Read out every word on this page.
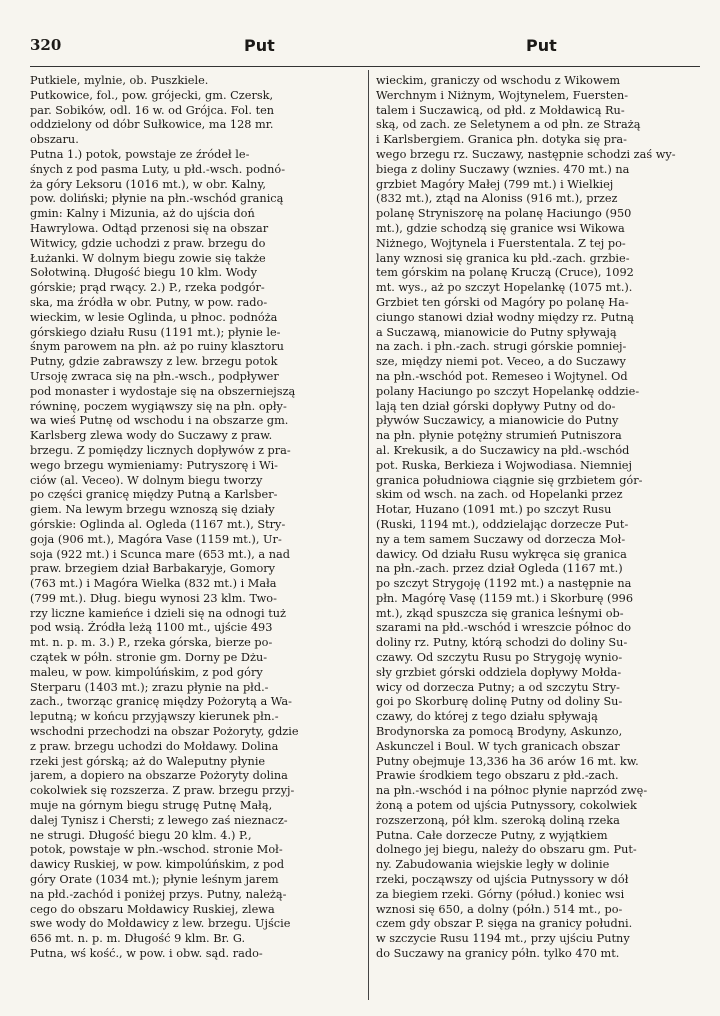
320	Put	Put
Putkiele, mylnie, ob. Puszkiele.
Putkowice, fol., pow. grójecki, gm. Czersk,
par. Sobików, odl. 16 w. od Grójca. Fol. ten
oddzielony od dóbr Sułkowice, ma 128 mr.
obszaru.
Putna 1.) potok, powstaje ze źródeł le-
śnych z pod pasma Luty, u płd.-wsch. podnó-
ża góry Leksoru (1016 mt.), w obr. Kalny,
pow. doliński; płynie na płn.-wschód granicą
gmin: Kalny i Mizunia, aż do ujścia doń
Hawrylowa. Odtąd przenosi się na obszar
Witwicy, gdzie uchodzi z praw. brzegu do
Łużanki. W dolnym biegu zowie się także
Sołotwiną. Długość biegu 10 klm. Wody
górskie; prąd rwący. 2.) P., rzeka podgór-
ska, ma źródła w obr. Putny, w pow. rado-
wieckim, w lesie Oglinda, u płnoc. podnóża
górskiego działu Rusu (1191 mt.); płynie le-
śnym parowem na płn. aż po ruiny klasztoru
Putny, gdzie zabrawszy z lew. brzegu potok
Ursoję zwraca się na płn.-wsch., podpływer
pod monaster i wydostaje się na obszerniejszą
równinę, poczem wygiąwszy się na płn. opły-
wa wieś Putnę od wschodu i na obszarze gm.
Karlsberg zlewa wody do Suczawy z praw.
brzegu. Z pomiędzy licznych dopływów z pra-
wego brzegu wymieniamy: Putryszorę i Wi-
ciów (al. Veceo). W dolnym biegu tworzy
po części granicę między Putną a Karlsber-
giem. Na lewym brzegu wznoszą się działy
górskie: Oglinda al. Ogleda (1167 mt.), Stry-
goja (906 mt.), Magóra Vase (1159 mt.), Ur-
soja (922 mt.) i Scunca mare (653 mt.), a nad
praw. brzegiem dział Barbakaryje, Gomory
(763 mt.) i Magóra Wielka (832 mt.) i Mała
(799 mt.). Dług. biegu wynosi 23 klm. Two-
rzy liczne kamieńce i dzieli się na odnogi tuż
pod wsią. Źródła leżą 1100 mt., ujście 493
mt. n. p. m. 3.) P., rzeka górska, bierze po-
czątek w półn. stronie gm. Dorny pe Dżu-
maleu, w pow. kimpolúńskim, z pod góry
Sterparu (1403 mt.); zrazu płynie na płd.-
zach., tworząc granicę między Pożorytą a Wa-
leputną; w końcu przyjąwszy kierunek płn.-
wschodni przechodzi na obszar Pożoryty, gdzie
z praw. brzegu uchodzi do Mołdawy. Dolina
rzeki jest górską; aż do Waleputny płynie
jarem, a dopiero na obszarze Pożoryty dolina
cokolwiek się rozszerza. Z praw. brzegu przyj-
muje na górnym biegu strugę Putnę Małą,
dalej Tynisz i Chersti; z lewego zaś nieznacz-
ne strugi. Długość biegu 20 klm. 4.) P.,
potok, powstaje w płn.-wschod. stronie Moł-
dawicy Ruskiej, w pow. kimpolúńskim, z pod
góry Orate (1034 mt.); płynie leśnym jarem
na płd.-zachód i poniżej przys. Putny, należą-
cego do obszaru Mołdawicy Ruskiej, zlewa
swe wody do Mołdawicy z lew. brzegu. Ujście
656 mt. n. p. m. Długość 9 klm. Br. G.
Putna, wś kość., w pow. i obw. sąd. rado-
wieckim, graniczy od wschodu z Wikowem
Werchnym i Niżnym, Wojtynelem, Fuersten-
talem i Suczawicą, od płd. z Mołdawicą Ru-
ską, od zach. ze Seletynem a od płn. ze Strażą
i Karlsbergiem. Granica płn. dotyka się pra-
wego brzegu rz. Suczawy, następnie schodzi zaś wy-
biega z doliny Suczawy (wznies. 470 mt.) na
grzbiet Magóry Małej (799 mt.) i Wielkiej
(832 mt.), ztąd na Aloniss (916 mt.), przez
polanę Stryniszorę na polanę Haciungo (950
mt.), gdzie schodzą się granice wsi Wikowa
Niżnego, Wojtynela i Fuerstentala. Z tej po-
lany wznosi się granica ku płd.-zach. grzbie-
tem górskim na polanę Kruczą (Cruce), 1092
mt. wys., aż po szczyt Hopelankę (1075 mt.).
Grzbiet ten górski od Magóry po polanę Ha-
ciungo stanowi dział wodny między rz. Putną
a Suczawą, mianowicie do Putny spływają
na zach. i płn.-zach. strugi górskie pomniej-
sze, między niemi pot. Veceo, a do Suczawy
na płn.-wschód pot. Remeseo i Wojtynel. Od
polany Haciungo po szczyt Hopelankę oddzie-
lają ten dział górski dopływy Putny od do-
pływów Suczawicy, a mianowicie do Putny
na płn. płynie potężny strumień Putniszora
al. Krekusik, a do Suczawicy na płd.-wschód
pot. Ruska, Berkieza i Wojwodiasa. Niemniej
granica południowa ciągnie się grzbietem gór-
skim od wsch. na zach. od Hopelanki przez
Hotar, Huzano (1091 mt.) po szczyt Rusu
(Ruski, 1194 mt.), oddzielając dorzecze Put-
ny a tem samem Suczawy od dorzecza Moł-
dawicy. Od działu Rusu wykręca się granica
na płn.-zach. przez dział Ogleda (1167 mt.)
po szczyt Strygoję (1192 mt.) a następnie na
płn. Magórę Vasę (1159 mt.) i Skorburę (996
mt.), zkąd spuszcza się granica leśnymi ob-
szarami na płd.-wschód i wreszcie północ do
doliny rz. Putny, którą schodzi do doliny Su-
czawy. Od szczytu Rusu po Strygoję wyniо-
sły grzbiet górski oddziela dopływy Mołda-
wicy od dorzecza Putny; a od szczytu Stry-
goi po Skorburę dolinę Putny od doliny Su-
czawy, do której z tego działu spływają
Brodynorska za pomocą Brodyny, Askunzo,
Askunczel i Boul. W tych granicach obszar
Putny obejmuje 13,336 ha 36 arów 16 mt. kw.
Prawie środkiem tego obszaru z płd.-zach.
na płn.-wschód i na północ płynie naprzód zwę-
żoną a potem od ujścia Putnyssory, cokolwiek
rozszerzoną, pół klm. szeroką doliną rzeka
Putna. Całe dorzecze Putny, z wyjątkiem
dolnego jej biegu, należy do obszaru gm. Put-
ny. Zabudowania wiejskie legły w dolinie
rzeki, począwszy od ujścia Putnyssory w dół
za biegiem rzeki. Górny (półud.) koniec wsi
wznosi się 650, a dolny (półn.) 514 mt., po-
czem gdy obszar P. sięga na granicy południ.
w szczycie Rusu 1194 mt., przy ujściu Putny
do Suczawy na granicy półn. tylko 470 mt.
